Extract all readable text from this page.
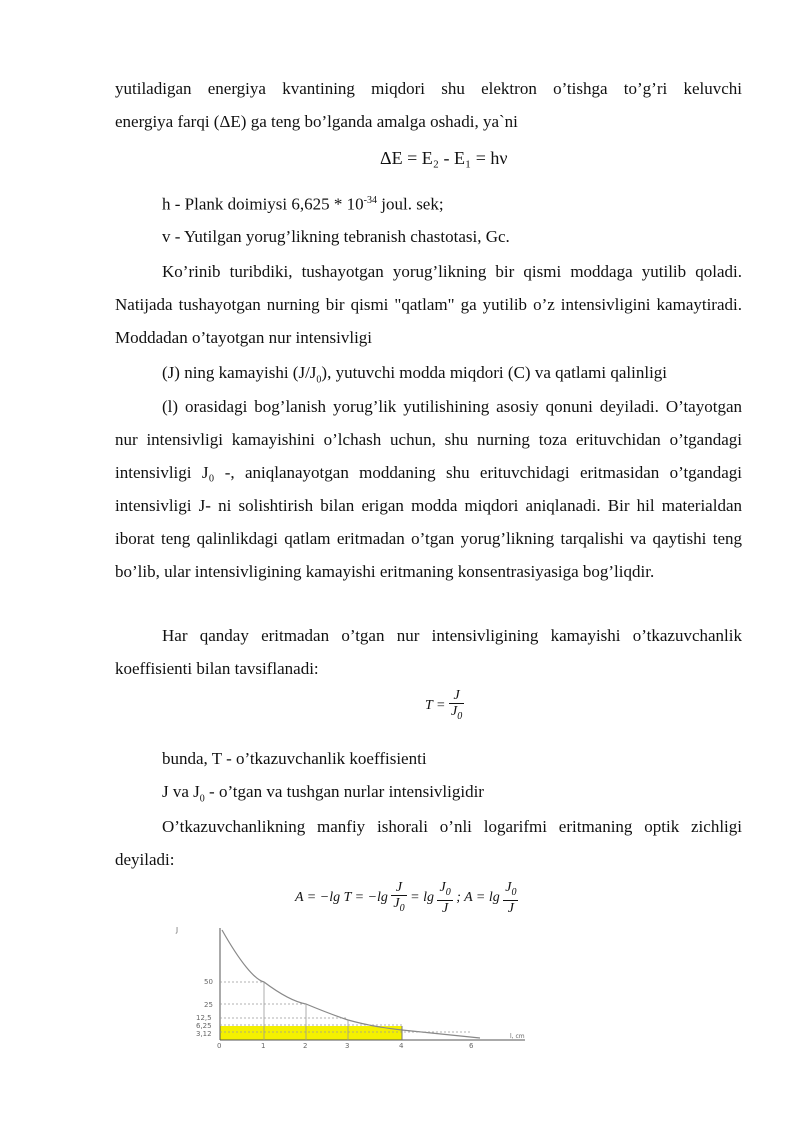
yutiladigan energiya kvantining miqdori shu elektron o’tishga to’g’ri keluvchi
energiya farqi (ΔE) ga teng bo’lganda amalga oshadi, ya`ni
ΔE = E₂ - E₁ = hν
h - Plank doimiysi $6,625 * 10^{-34}$ joul. sek;
v - Yutilgan yorug’likning tebranish chastotasi, Gc.
Ko’rinib turibdiki, tushayotgan yorug’likning bir qismi moddaga yutilib qoladi. Natijada tushayotgan nurning bir qismi "qatlam" ga yutilib o’z intensivligini kamaytiradi. Moddadan o’tayotgan nur intensivligi
(J) ning kamayishi $(J/J_0)$, yutuvchi modda miqdori (C) va qatlami qalinligi
(l) orasidagi bog’lanish yorug’lik yutilishining asosiy qonuni deyiladi. O’tayotgan nur intensivligi kamayishini o’lchash uchun, shu nurning toza erituvchidan o’tgandagi intensivligi J₀ -, aniqlanayotgan moddaning shu erituvchidagi eritmasidan o’tgandagi intensivligi J- ni solishtirish bilan erigan modda miqdori aniqlanadi. Bir hil materialdan iborat teng qalinlikdagi qatlam eritmadan o’tgan yorug’likning tarqalishi va qaytishi teng bo’lib, ular intensivligining kamayishi eritmaning konsentrasiyasiga bog’liqdir.
Har qanday eritmadan o’tgan nur intensivligining kamayishi o’tkazuvchanlik koeffisienti bilan tavsiflanadi:
$T = \frac{J}{J_0}$
bunda, T - o’tkazuvchanlik koeffisienti
J va $J_0$ - o’tgan va tushgan nurlar intensivligidir
O’tkazuvchanlikning manfiy ishorali o’nli logarifmi eritmaning optik zichligi deyiladi:
A = −lg $T = -\lg \frac{J}{J_0} = \lg \frac{J_0}{J}$ ; $A = \lg \frac{J_0}{J}$
50
25
12,5
6,25
3,12
0	1	2	3	4	6
J
l, cm
